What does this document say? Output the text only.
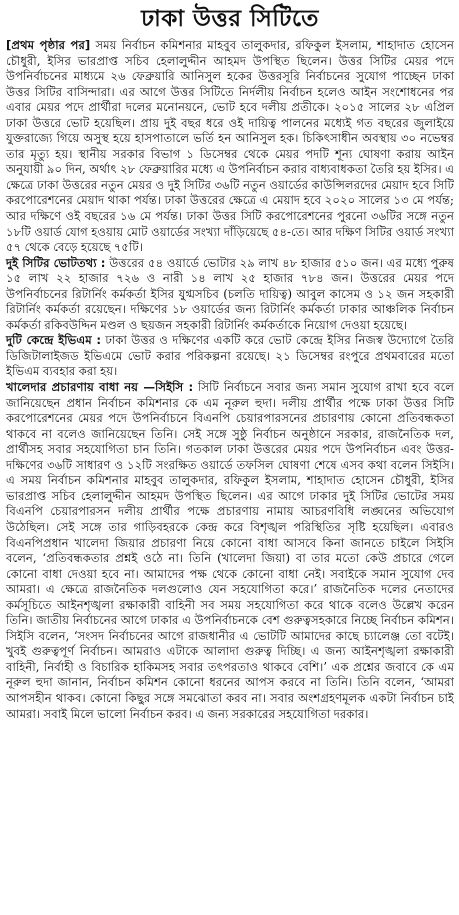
ঢাকা উত্তর সিটিতে

[প্রথম পৃষ্ঠার পর] সময় নির্বাচন কমিশনার মাহবুব তালুকদার, রফিকুল ইসলাম, শাহাদাত হোসেন চৌধুরী, ইসির ভারপ্রাপ্ত সচিব হেলালুদ্দীন আহমদ উপস্থিত ছিলেন। উত্তর সিটির মেয়র পদে উপনির্বাচনের মাধ্যমে ২৬ ফেব্রুয়ারি আনিসুল হকের উত্তরসূরি নির্বাচনের সুযোগ পাচ্ছেন ঢাকা উত্তর সিটির বাসিন্দারা। এর আগে উত্তর সিটিতে নির্দলীয় নির্বাচন হলেও আইন সংশোধনের পর এবার মেয়র পদে প্রার্থীরা দলের মনোনয়নে, ভোট হবে দলীয় প্রতীকে। ২০১৫ সালের ২৮ এপ্রিল ঢাকা উত্তরে ভোট হয়েছিল। প্রায় দুই বছর ধরে ওই দায়িত্ব পালনের মধ্যেই গত বছরের জুলাইয়ে যুক্তরাজ্যে গিয়ে অসুস্থ হয়ে হাসপাতালে ভর্তি হন আনিসুল হক। চিকিৎসাধীন অবস্থায় ৩০ নভেম্বর তার মৃত্যু হয়। স্থানীয় সরকার বিভাগ ১ ডিসেম্বর থেকে মেয়র পদটি শূন্য ঘোষণা করায় আইন অনুযায়ী ৯০ দিন, অর্থাৎ ২৮ ফেব্রুয়ারির মধ্যে এ উপনির্বাচন করার বাধ্যবাধকতা তৈরি হয় ইসির। এ ক্ষেত্রে ঢাকা উত্তরের নতুন মেয়র ও দুই সিটির ৩৬টি নতুন ওয়ার্ডের কাউন্সিলরদের মেয়াদ হবে সিটি করপোরেশনের মেয়াদ থাকা পর্যন্ত। ঢাকা উত্তরের ক্ষেত্রে এ মেয়াদ হবে ২০২০ সালের ১৩ মে পর্যন্ত; আর দক্ষিণে ওই বছরের ১৬ মে পর্যন্ত। ঢাকা উত্তর সিটি করপোরেশনের পুরনো ৩৬টির সঙ্গে নতুন ১৮টি ওয়ার্ড যোগ হওয়ায় মোট ওয়ার্ডের সংখ্যা দাঁড়িয়েছে ৫৪-তে। আর দক্ষিণ সিটির ওয়ার্ড সংখ্যা ৫৭ থেকে বেড়ে হয়েছে ৭৫টি।

দুই সিটির ভোটতথ্য : উত্তরের ৫৪ ওয়ার্ডে ভোটার ২৯ লাখ ৪৮ হাজার ৫১০ জন। এর মধ্যে পুরুষ ১৫ লাখ ২২ হাজার ৭২৬ ও নারী ১৪ লাখ ২৫ হাজার ৭৮৪ জন। উত্তরের মেয়র পদে উপনির্বাচনের রিটার্নিং কর্মকর্তা ইসির যুগ্মসচিব (চলতি দায়িত্ব) আবুল কাসেম ও ১২ জন সহকারী রিটার্নিং কর্মকর্তা রয়েছেন। দক্ষিণের ১৮ ওয়ার্ডের জন্য রিটার্নিং কর্মকর্তা ঢাকার আঞ্চলিক নির্বাচন কর্মকর্তা রকিবউদ্দিন মণ্ডল ও ছয়জন সহকারী রিটার্নিং কর্মকর্তাকে নিয়োগ দেওয়া হয়েছে।

দুটি কেন্দ্রে ইভিএম : ঢাকা উত্তর ও দক্ষিণের একটি করে ভোট কেন্দ্রে ইসির নিজস্ব উদ্যোগে তৈরি ডিজিটালাইজড ইভিএমে ভোট করার পরিকল্পনা রয়েছে। ২১ ডিসেম্বর রংপুরে প্রথমবারের মতো ইভিএম ব্যবহার করা হয়।

খালেদার প্রচারণায় বাধা নয় —সিইসি : সিটি নির্বাচনে সবার জন্য সমান সুযোগ রাখা হবে বলে জানিয়েছেন প্রধান নির্বাচন কমিশনার কে এম নূরুল হুদা। দলীয় প্রার্থীর পক্ষে ঢাকা উত্তর সিটি করপোরেশনের মেয়র পদে উপনির্বাচনে বিএনপি চেয়ারপারসনের প্রচারণায় কোনো প্রতিবন্ধকতা থাকবে না বলেও জানিয়েছেন তিনি। সেই সঙ্গে সুষ্ঠু নির্বাচন অনুষ্ঠানে সরকার, রাজনৈতিক দল, প্রার্থীসহ সবার সহযোগিতা চান তিনি। গতকাল ঢাকা উত্তরের মেয়র পদে উপনির্বাচন এবং উত্তর-দক্ষিণের ৩৬টি সাধারণ ও ১২টি সংরক্ষিত ওয়ার্ডে তফসিল ঘোষণা শেষে এসব কথা বলেন সিইসি। এ সময় নির্বাচন কমিশনার মাহবুব তালুকদার, রফিকুল ইসলাম, শাহাদাত হোসেন চৌধুরী, ইসির ভারপ্রাপ্ত সচিব হেলালুদ্দীন আহমদ উপস্থিত ছিলেন। এর আগে ঢাকার দুই সিটির ভোটের সময় বিএনপি চেয়ারপারসন দলীয় প্রার্থীর পক্ষে প্রচারণায় নামায় আচরণবিধি লঙ্ঘনের অভিযোগ উঠেছিল। সেই সঙ্গে তার গাড়িবহরকে কেন্দ্র করে বিশৃঙ্খল পরিস্থিতির সৃষ্টি হয়েছিল। এবারও বিএনপিপ্রধান খালেদা জিয়ার প্রচারণা নিয়ে কোনো বাধা আসবে কিনা জানতে চাইলে সিইসি বলেন, ‘প্রতিবন্ধকতার প্রশ্নই ওঠে না। তিনি (খালেদা জিয়া) বা তার মতো কেউ প্রচারে গেলে কোনো বাধা দেওয়া হবে না। আমাদের পক্ষ থেকে কোনো বাধা নেই। সবাইকে সমান সুযোগ দেব আমরা। এ ক্ষেত্রে রাজনৈতিক দলগুলোও যেন সহযোগিতা করে।’ রাজনৈতিক দলের নেতাদের কর্মসূচিতে আইনশৃঙ্খলা রক্ষাকারী বাহিনী সব সময় সহযোগিতা করে থাকে বলেও উল্লেখ করেন তিনি। জাতীয় নির্বাচনের আগে ঢাকার এ উপনির্বাচনকে বেশ গুরুত্বসহকারে নিচ্ছে নির্বাচন কমিশন। সিইসি বলেন, ‘সংসদ নির্বাচনের আগে রাজধানীর এ ভোটটি আমাদের কাছে চ্যালেঞ্জ তো বটেই। খুবই গুরুত্বপূর্ণ নির্বাচন। আমরাও এটাকে আলাদা গুরুত্ব দিচ্ছি। এ জন্য আইনশৃঙ্খলা রক্ষাকারী বাহিনী, নির্বাহী ও বিচারিক হাকিমসহ সবার তৎপরতাও থাকবে বেশি।’ এক প্রশ্নের জবাবে কে এম নূরুল হুদা জানান, নির্বাচন কমিশন কোনো ধরনের আপস করবে না তিনি। তিনি বলেন, ‘আমরা আপসহীন থাকব। কোনো কিছুর সঙ্গে সমঝোতা করব না। সবার অংশগ্রহণমূলক একটা নির্বাচন চাই আমরা। সবাই মিলে ভালো নির্বাচন করব। এ জন্য সরকারের সহযোগিতা দরকার।
